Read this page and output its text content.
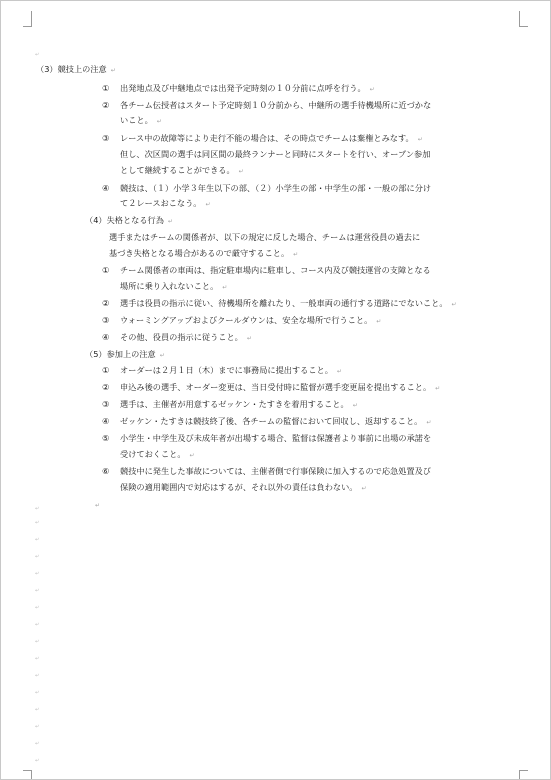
↵
↵
↵
↵
↵
↵
↵
↵
↵
↵
↵
↵
↵
↵
↵
↵
↵
（3）競技上の注意 ↵
① 出発地点及び中継地点では出発予定時刻の１０分前に点呼を行う。 ↵
② 各チーム伝授者はスタート予定時刻１０分前から、中継所の選手待機場所に近づかな
いこと。 ↵
③ レース中の故障等により走行不能の場合は、その時点でチームは棄権とみなす。 ↵
但し、次区間の選手は同区間の最終ランナーと同時にスタートを行い、オープン参加
として継続することができる。 ↵
④ 競技は、（１）小学３年生以下の部、（２）小学生の部・中学生の部・一般の部に分け
て２レースおこなう。 ↵
（4）失格となる行為 ↵
選手またはチームの関係者が、以下の規定に反した場合、チームは運営役員の過去に
基づき失格となる場合があるので厳守すること。 ↵
① チーム関係者の車両は、指定駐車場内に駐車し、コース内及び競技運営の支障となる
場所に乗り入れないこと。 ↵
② 選手は役員の指示に従い、待機場所を離れたり、一般車両の通行する道路にでないこと。 ↵
③ ウォーミングアップおよびクールダウンは、安全な場所で行うこと。 ↵
④ その他、役員の指示に従うこと。 ↵
（5）参加上の注意 ↵
① オーダーは２月１日（木）までに事務局に提出すること。 ↵
② 申込み後の選手、オーダー変更は、当日受付時に監督が選手変更届を提出すること。 ↵
③ 選手は、主催者が用意するゼッケン・たすきを着用すること。 ↵
④ ゼッケン・たすきは競技終了後、各チームの監督において回収し、返却すること。 ↵
⑤ 小学生・中学生及び未成年者が出場する場合、監督は保護者より事前に出場の承諾を
受けておくこと。 ↵
⑥ 競技中に発生した事故については、主催者側で行事保険に加入するので応急処置及び
保険の適用範囲内で対応はするが、それ以外の責任は負わない。 ↵
↵
